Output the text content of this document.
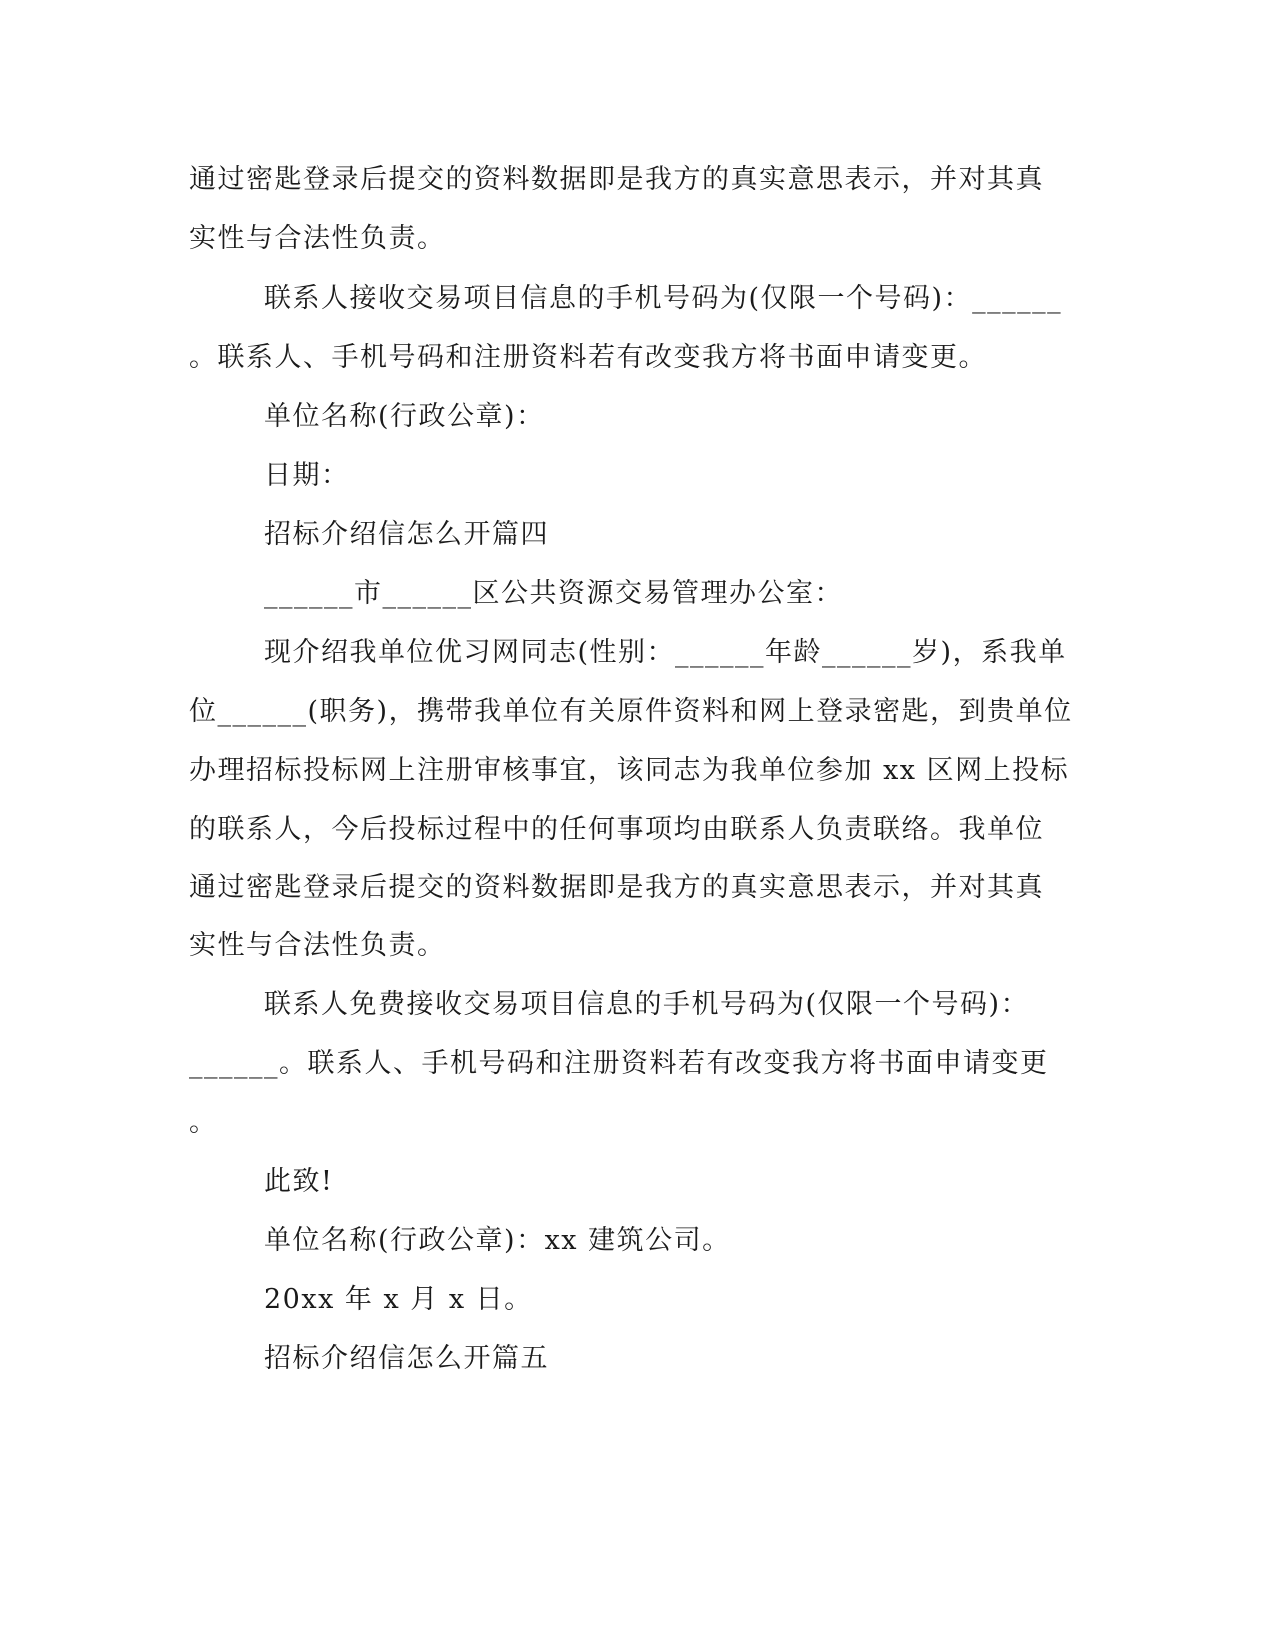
通过密匙登录后提交的资料数据即是我方的真实意思表示，并对其真

实性与合法性负责。

联系人接收交易项目信息的手机号码为(仅限一个号码)：______

。联系人、手机号码和注册资料若有改变我方将书面申请变更。

单位名称(行政公章)：

日期：

招标介绍信怎么开篇四

______市______区公共资源交易管理办公室：

现介绍我单位优习网同志(性别：______年龄______岁)，系我单

位______(职务)，携带我单位有关原件资料和网上登录密匙，到贵单位

办理招标投标网上注册审核事宜，该同志为我单位参加 xx 区网上投标

的联系人，今后投标过程中的任何事项均由联系人负责联络。我单位

通过密匙登录后提交的资料数据即是我方的真实意思表示，并对其真

实性与合法性负责。

联系人免费接收交易项目信息的手机号码为(仅限一个号码)：

______。联系人、手机号码和注册资料若有改变我方将书面申请变更

。

此致!

单位名称(行政公章)：xx 建筑公司。

20xx 年 x 月 x 日。

招标介绍信怎么开篇五
